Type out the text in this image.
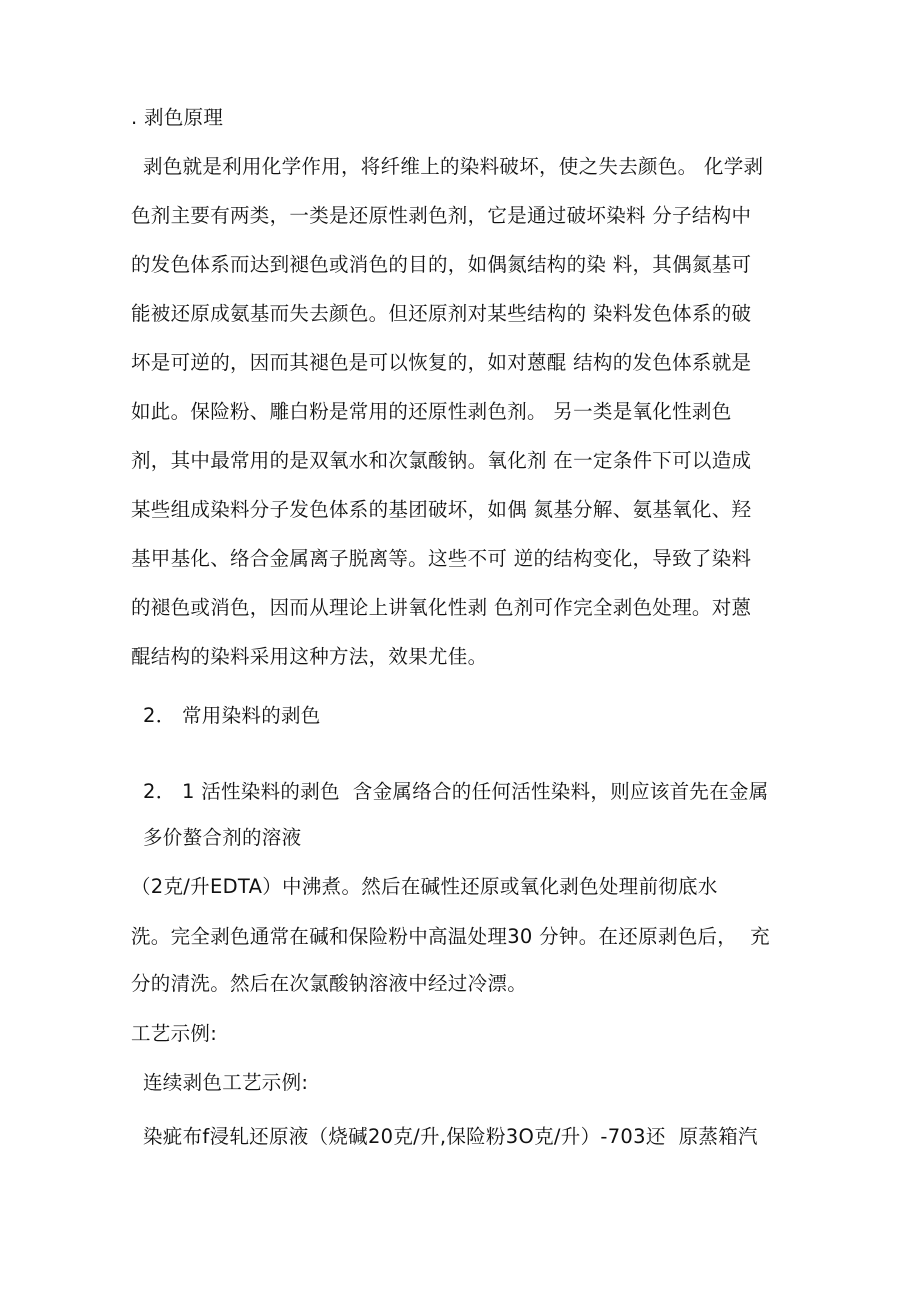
. 剥色原理
剥色就是利用化学作用，将纤维上的染料破坏，使之失去颜色。 化学剥
色剂主要有两类，一类是还原性剥色剂，它是通过破坏染料 分子结构中
的发色体系而达到褪色或消色的目的，如偶氮结构的染 料，其偶氮基可
能被还原成氨基而失去颜色。但还原剂对某些结构的 染料发色体系的破
坏是可逆的，因而其褪色是可以恢复的，如对蒽醌 结构的发色体系就是
如此。保险粉、雕白粉是常用的还原性剥色剂。 另一类是氧化性剥色
剂，其中最常用的是双氧水和次氯酸钠。氧化剂 在一定条件下可以造成
某些组成染料分子发色体系的基团破坏，如偶 氮基分解、氨基氧化、羟
基甲基化、络合金属离子脱离等。这些不可 逆的结构变化，导致了染料
的褪色或消色，因而从理论上讲氧化性剥 色剂可作完全剥色处理。对蒽
醌结构的染料采用这种方法，效果尤佳。
2． 常用染料的剥色
2． 1 活性染料的剥色  含金属络合的任何活性染料，则应该首先在金属
多价螯合剂的溶液
（2克/升EDTA）中沸煮。然后在碱性还原或氧化剥色处理前彻底水
洗。完全剥色通常在碱和保险粉中高温处理30 分钟。在还原剥色后，  充
分的清洗。然后在次氯酸钠溶液中经过冷漂。
工艺示例:
连续剥色工艺示例:
染疵布f浸轧还原液（烧碱20克/升,保险粉3O克/升）-703还  原蒸箱汽
